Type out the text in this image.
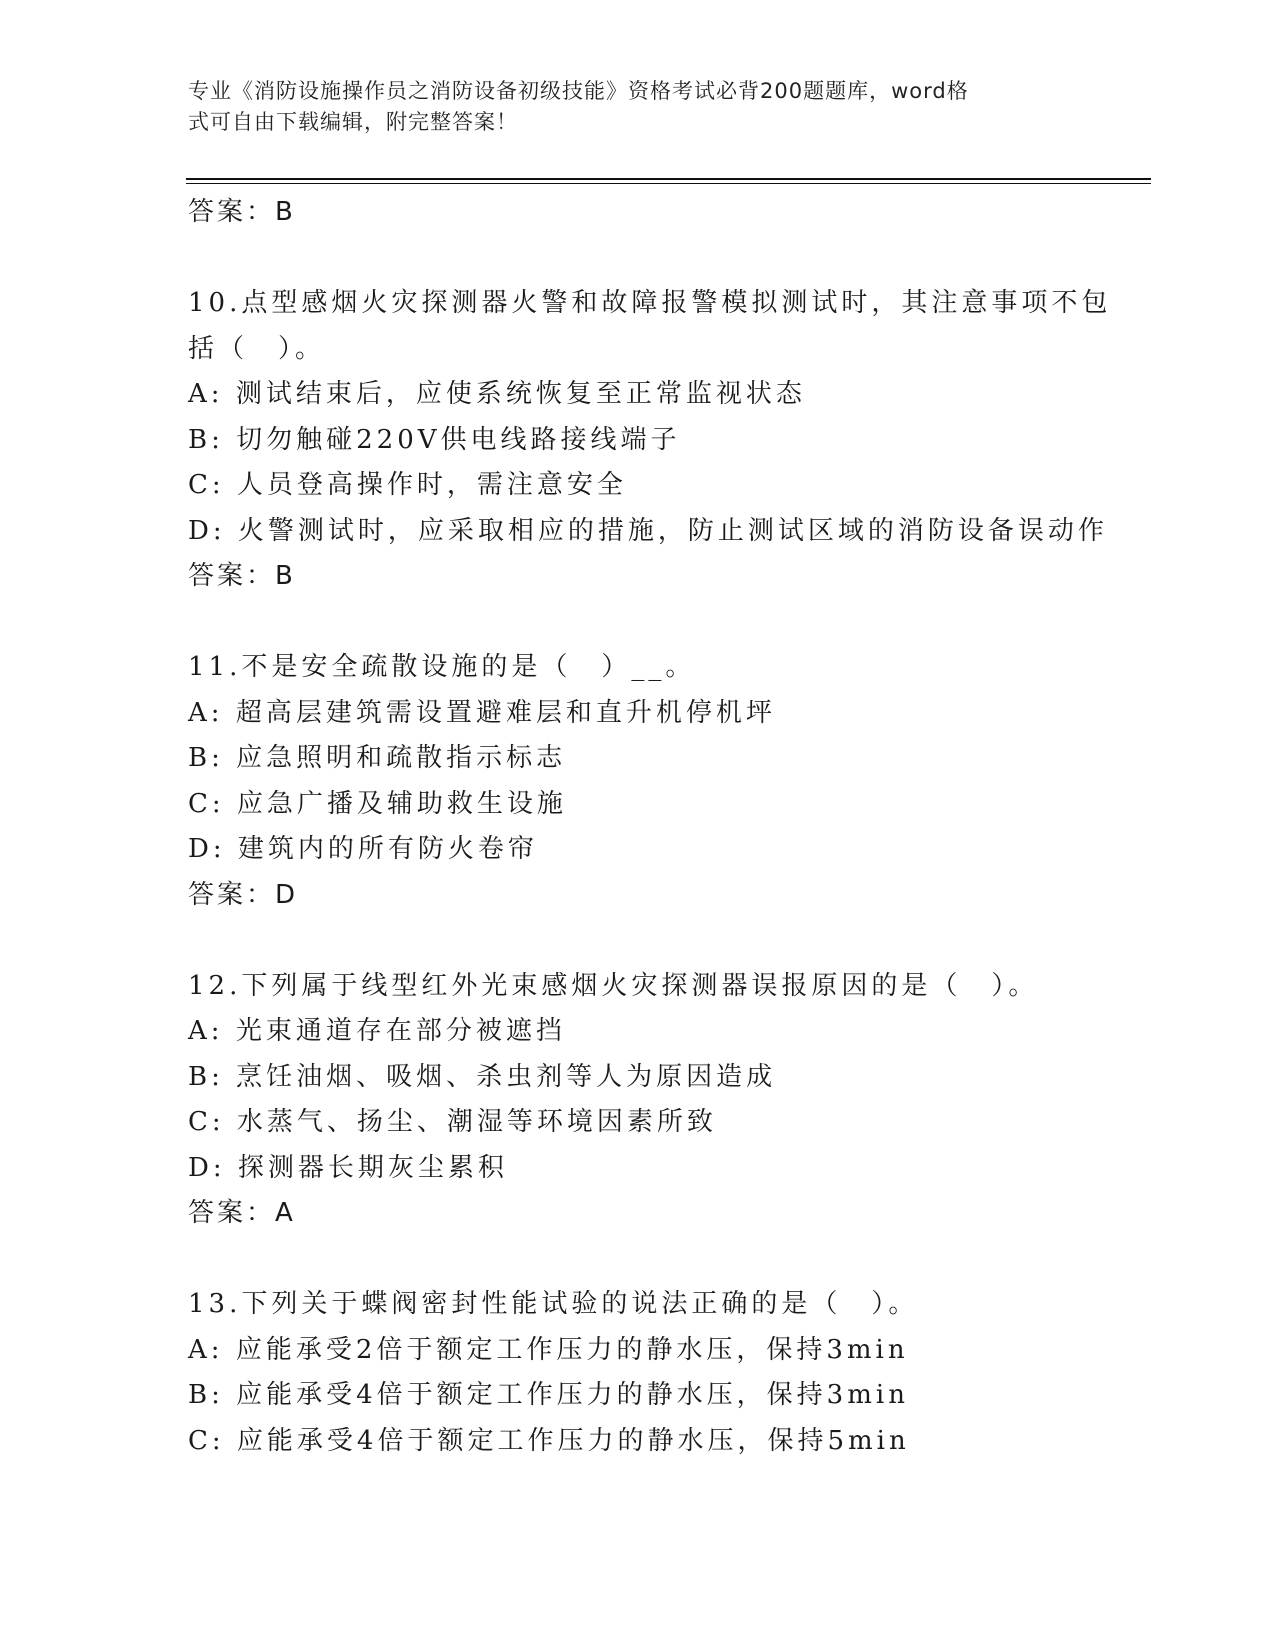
专业《消防设施操作员之消防设备初级技能》资格考试必背200题题库，word格
式可自由下载编辑，附完整答案！
答案：B
10.点型感烟火灾探测器火警和故障报警模拟测试时，其注意事项不包
括（　）。
A: 测试结束后，应使系统恢复至正常监视状态
B: 切勿触碰220V供电线路接线端子
C: 人员登高操作时，需注意安全
D: 火警测试时，应采取相应的措施，防止测试区域的消防设备误动作
答案：B
11.不是安全疏散设施的是（　）__。
A: 超高层建筑需设置避难层和直升机停机坪
B: 应急照明和疏散指示标志
C: 应急广播及辅助救生设施
D: 建筑内的所有防火卷帘
答案：D
12.下列属于线型红外光束感烟火灾探测器误报原因的是（　）。
A: 光束通道存在部分被遮挡
B: 烹饪油烟、吸烟、杀虫剂等人为原因造成
C: 水蒸气、扬尘、潮湿等环境因素所致
D: 探测器长期灰尘累积
答案：A
13.下列关于蝶阀密封性能试验的说法正确的是（　）。
A: 应能承受2倍于额定工作压力的静水压，保持3min
B: 应能承受4倍于额定工作压力的静水压，保持3min
C: 应能承受4倍于额定工作压力的静水压，保持5min
